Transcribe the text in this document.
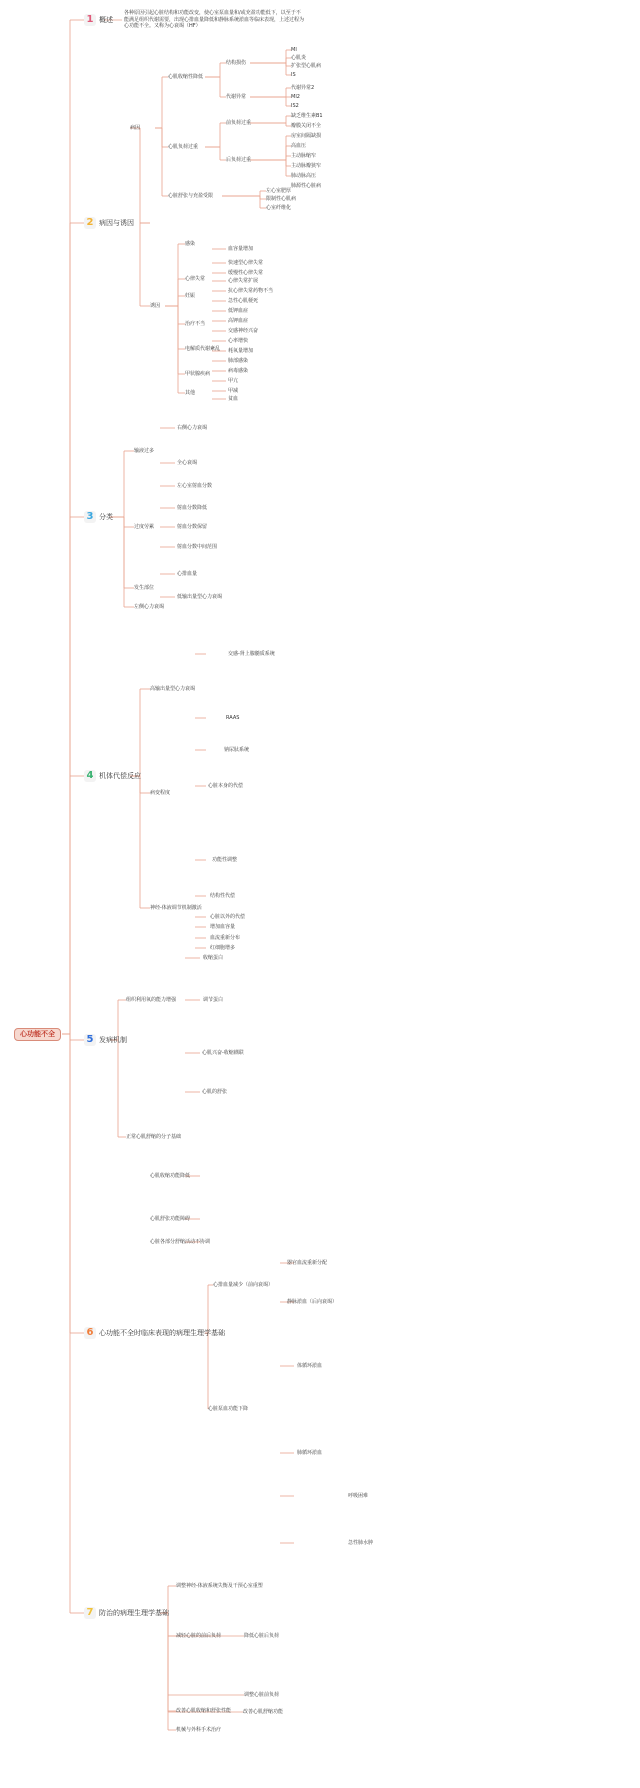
心功能不全
1 概述
2 病因与诱因
3 分类
4 机体代偿反应
5 发病机制
6 心功能不全时临床表现的病理生理学基础
7 防治的病理生理学基础
各种原因引起心脏结构和功能改变，使心室泵血量和/或充盈功能低下，以至于不能满足组织代谢需要，出现心排血量降低和静脉系统淤血等临床表现，上述过程为心功能不全。又称为心衰竭（HF）
病因
心肌收缩性降低
结构损伤
代谢异常
心肌负荷过重
前负荷过重
后负荷过重
心脏舒张与充盈受限
诱因
MI
心肌炎
扩张型心肌病
IS
代谢异常2
MI2
IS2
缺乏维生素B1
瓣膜关闭不全
房室间隔缺损
高血压
主动脉缩窄
主动脉瓣狭窄
肺动脉高压
肺源性心脏病
左心室肥厚
限制性心肌病
心室纤维化
感染
心律失常
妊娠
治疗不当
电解质代谢紊乱
甲状腺疾病
其他
血容量增加
快速型心律失常
缓慢性心律失常
心律失常扩展
抗心律失常药物不当
急性心肌梗死
低钾血症
高钾血症
交感神经兴奋
心率增快
耗氧量增加
肺部感染
病毒感染
甲亢
甲减
贫血
输液过多
过度劳累
发生部位
左侧心力衰竭
右侧心力衰竭
全心衰竭
左心室射血分数
射血分数降低
射血分数保留
射血分数中间范围
心排血量
低输出量型心力衰竭
高输出量型心力衰竭
病变程度
神经-体液调节机制激活
交感-肾上腺髓质系统
RAAS
钠尿肽系统
心脏本身的代偿
功能性调整
结构性代偿
心脏以外的代偿
增加血容量
血流重新分布
红细胞增多
组织利用氧的能力增强
正常心肌舒缩的分子基础
收缩蛋白
调节蛋白
心肌兴奋-收缩耦联
心肌的舒张
心肌收缩功能降低
心肌舒张功能障碍
心脏各部分舒缩活动不协调
心排血量减少（前向衰竭）
心脏泵血功能下降
器官血流重新分配
静脉淤血（后向衰竭）
体循环淤血
肺循环淤血
呼吸困难
急性肺水肿
调整神经-体液系统失衡及干预心室重塑
减轻心脏的前后负荷
改善心肌收缩和舒张性能
机械与外科手术治疗
降低心脏后负荷
调整心脏前负荷
改善心肌舒缩功能
